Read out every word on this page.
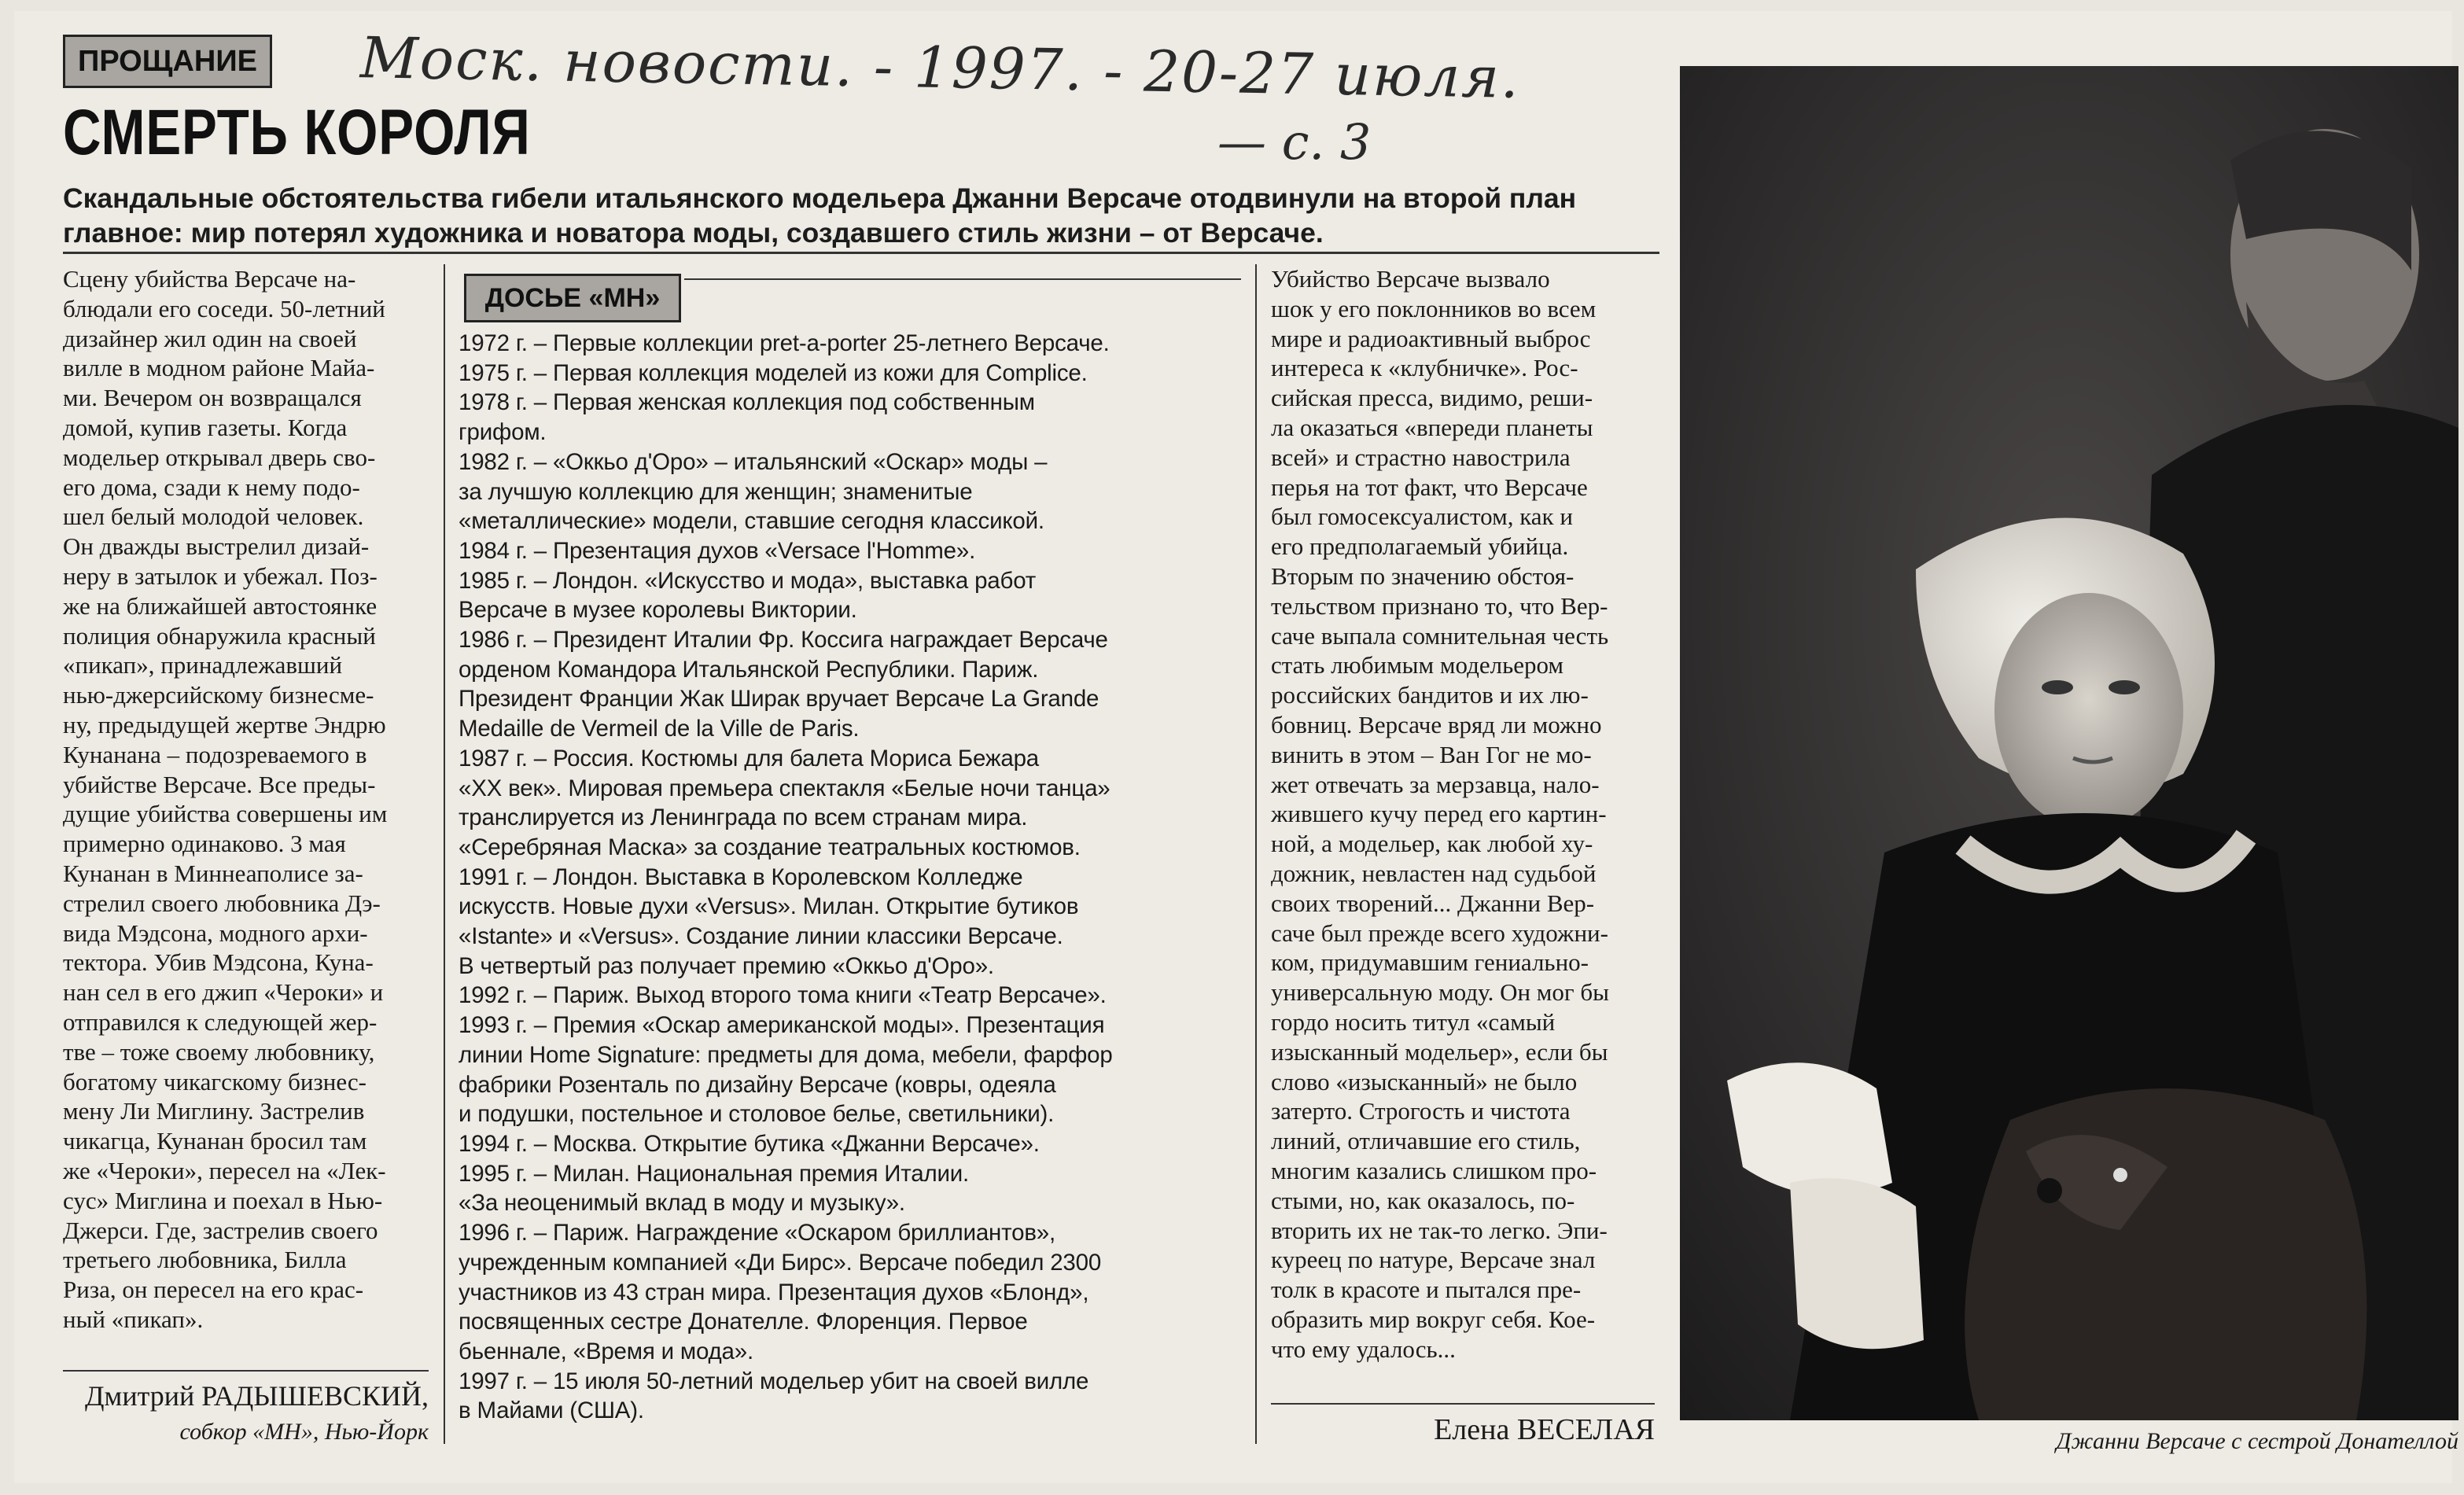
ПРОЩАНИЕ Моск. новости. - 1997. - 20-27 июля.
— с. 3
СМЕРТЬ КОРОЛЯ
Скандальные обстоятельства гибели итальянского модельера Джанни Версаче отодвинули на второй план главное: мир потерял художника и новатора моды, создавшего стиль жизни – от Версаче.
Сцену убийства Версаче на-
блюдали его соседи. 50-летний
дизайнер жил один на своей
вилле в модном районе Майа-
ми. Вечером он возвращался
домой, купив газеты. Когда
модельер открывал дверь сво-
его дома, сзади к нему подо-
шел белый молодой человек.
Он дважды выстрелил дизай-
неру в затылок и убежал. Поз-
же на ближайшей автостоянке
полиция обнаружила красный
«пикап», принадлежавший
нью-джерсийскому бизнесме-
ну, предыдущей жертве Эндрю
Кунанана – подозреваемого в
убийстве Версаче. Все преды-
дущие убийства совершены им
примерно одинаково. 3 мая
Кунанан в Миннеаполисе за-
стрелил своего любовника Дэ-
вида Мэдсона, модного архи-
тектора. Убив Мэдсона, Куна-
нан сел в его джип «Чероки» и
отправился к следующей жер-
тве – тоже своему любовнику,
богатому чикагскому бизнес-
мену Ли Миглину. Застрелив
чикагца, Кунанан бросил там
же «Чероки», пересел на «Лек-
сус» Миглина и поехал в Нью-
Джерси. Где, застрелив своего
третьего любовника, Билла
Риза, он пересел на его крас-
ный «пикап».
Дмитрий РАДЫШЕВСКИЙ,
собкор «МН», Нью-Йорк
ДОСЬЕ «МН»
1972 г. – Первые коллекции pret-a-porter 25-летнего Версаче.
1975 г. – Первая коллекция моделей из кожи для Complice.
1978 г. – Первая женская коллекция под собственным
грифом.
1982 г. – «Оккьо д'Оро» – итальянский «Оскар» моды –
за лучшую коллекцию для женщин; знаменитые
«металлические» модели, ставшие сегодня классикой.
1984 г. – Презентация духов «Versace l'Homme».
1985 г. – Лондон. «Искусство и мода», выставка работ
Версаче в музее королевы Виктории.
1986 г. – Президент Италии Фр. Коссига награждает Версаче
орденом Командора Итальянской Республики. Париж.
Президент Франции Жак Ширак вручает Версаче La Grande
Medaille de Vermeil de la Ville de Paris.
1987 г. – Россия. Костюмы для балета Мориса Бежара
«XX век». Мировая премьера спектакля «Белые ночи танца»
транслируется из Ленинграда по всем странам мира.
«Серебряная Маска» за создание театральных костюмов.
1991 г. – Лондон. Выставка в Королевском Колледже
искусств. Новые духи «Versus». Милан. Открытие бутиков
«Istante» и «Versus». Создание линии классики Версаче.
В четвертый раз получает премию «Оккьо д'Оро».
1992 г. – Париж. Выход второго тома книги «Театр Версаче».
1993 г. – Премия «Оскар американской моды». Презентация
линии Home Signature: предметы для дома, мебели, фарфор
фабрики Розенталь по дизайну Версаче (ковры, одеяла
и подушки, постельное и столовое белье, светильники).
1994 г. – Москва. Открытие бутика «Джанни Версаче».
1995 г. – Милан. Национальная премия Италии.
«За неоценимый вклад в моду и музыку».
1996 г. – Париж. Награждение «Оскаром бриллиантов»,
учрежденным компанией «Ди Бирс». Версаче победил 2300
участников из 43 стран мира. Презентация духов «Блонд»,
посвященных сестре Донателле. Флоренция. Первое
бьеннале, «Время и мода».
1997 г. – 15 июля 50-летний модельер убит на своей вилле
в Майами (США).
Убийство Версаче вызвало
шок у его поклонников во всем
мире и радиоактивный выброс
интереса к «клубничке». Рос-
сийская пресса, видимо, реши-
ла оказаться «впереди планеты
всей» и страстно навострила
перья на тот факт, что Версаче
был гомосексуалистом, как и
его предполагаемый убийца.
Вторым по значению обстоя-
тельством признано то, что Вер-
саче выпала сомнительная честь
стать любимым модельером
российских бандитов и их лю-
бовниц. Версаче вряд ли можно
винить в этом – Ван Гог не мо-
жет отвечать за мерзавца, нало-
жившего кучу перед его картин-
ной, а модельер, как любой ху-
дожник, невластен над судьбой
своих творений... Джанни Вер-
саче был прежде всего художни-
ком, придумавшим гениально-
универсальную моду. Он мог бы
гордо носить титул «самый
изысканный модельер», если бы
слово «изысканный» не было
затерто. Строгость и чистота
линий, отличавшие его стиль,
многим казались слишком про-
стыми, но, как оказалось, по-
вторить их не так-то легко. Эпи-
куреец по натуре, Версаче знал
толк в красоте и пытался пре-
образить мир вокруг себя. Кое-
что ему удалось...
Елена ВЕСЕЛАЯ	Джанни Версаче с сестрой Донателлой
